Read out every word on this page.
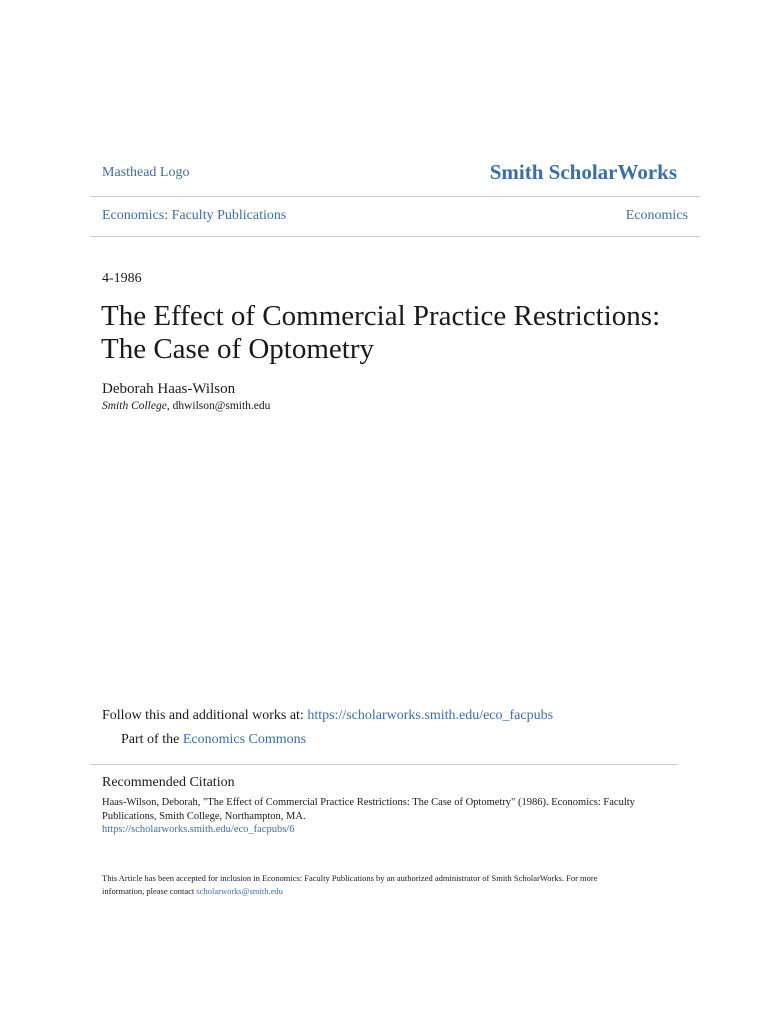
Masthead Logo	Smith ScholarWorks
Economics: Faculty Publications	Economics
4-1986
The Effect of Commercial Practice Restrictions:
The Case of Optometry
Deborah Haas-Wilson
Smith College, dhwilson@smith.edu
Follow this and additional works at: https://scholarworks.smith.edu/eco_facpubs
Part of the Economics Commons
Recommended Citation
Haas-Wilson, Deborah, "The Effect of Commercial Practice Restrictions: The Case of Optometry" (1986). Economics: Faculty
Publications, Smith College, Northampton, MA.
https://scholarworks.smith.edu/eco_facpubs/6
This Article has been accepted for inclusion in Economics: Faculty Publications by an authorized administrator of Smith ScholarWorks. For more
information, please contact scholarworks@smith.edu
